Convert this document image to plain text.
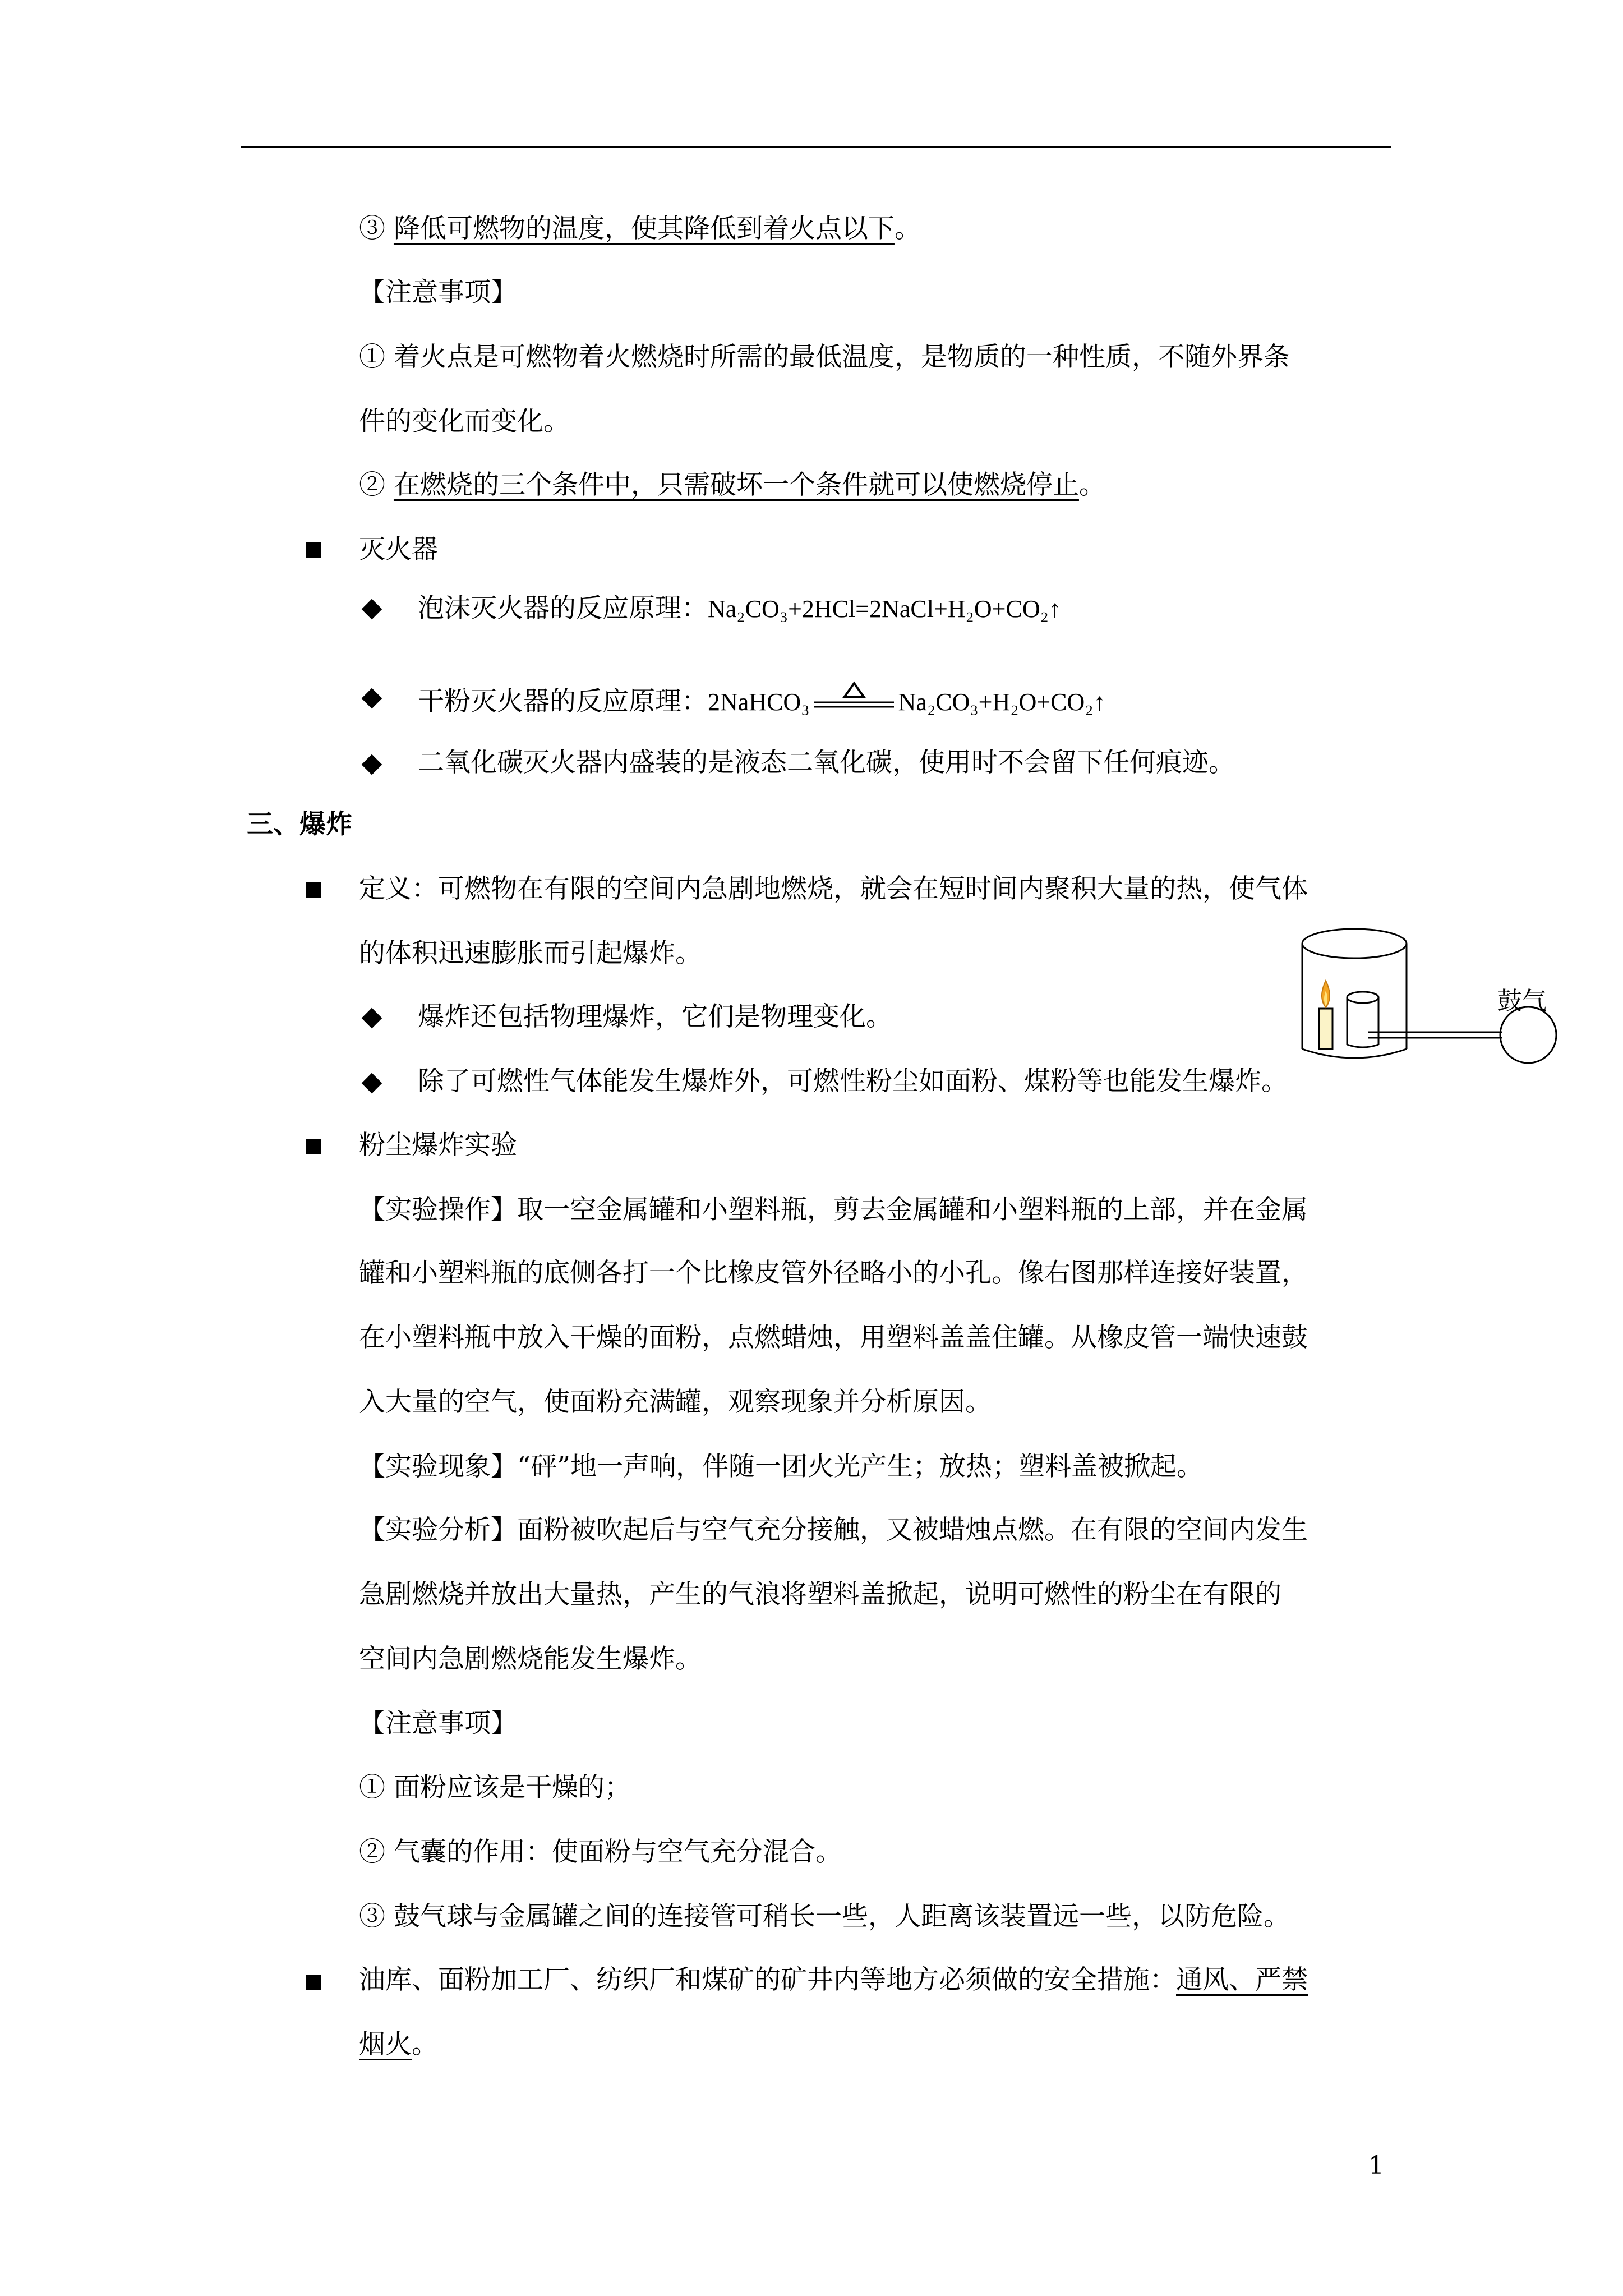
③ 降低可燃物的温度，使其降低到着火点以下。
【注意事项】
① 着火点是可燃物着火燃烧时所需的最低温度，是物质的一种性质，不随外界条
件的变化而变化。
② 在燃烧的三个条件中，只需破坏一个条件就可以使燃烧停止。
灭火器
泡沫灭火器的反应原理：Na₂CO₃+2HCl=2NaCl+H₂O+CO₂↑
干粉灭火器的反应原理：2NaHCO₃	Na₂CO₃+H₂O+CO₂↑
二氧化碳灭火器内盛装的是液态二氧化碳，使用时不会留下任何痕迹。
三、爆炸
定义：可燃物在有限的空间内急剧地燃烧，就会在短时间内聚积大量的热，使气体
的体积迅速膨胀而引起爆炸。
爆炸还包括物理爆炸，它们是物理变化。
除了可燃性气体能发生爆炸外，可燃性粉尘如面粉、煤粉等也能发生爆炸。
粉尘爆炸实验
【实验操作】取一空金属罐和小塑料瓶，剪去金属罐和小塑料瓶的上部，并在金属
罐和小塑料瓶的底侧各打一个比橡皮管外径略小的小孔。像右图那样连接好装置，
在小塑料瓶中放入干燥的面粉，点燃蜡烛，用塑料盖盖住罐。从橡皮管一端快速鼓
入大量的空气，使面粉充满罐，观察现象并分析原因。
【实验现象】“砰”地一声响，伴随一团火光产生；放热；塑料盖被掀起。
【实验分析】面粉被吹起后与空气充分接触，又被蜡烛点燃。在有限的空间内发生
急剧燃烧并放出大量热，产生的气浪将塑料盖掀起，说明可燃性的粉尘在有限的
空间内急剧燃烧能发生爆炸。
【注意事项】
① 面粉应该是干燥的；
② 气囊的作用：使面粉与空气充分混合。
③ 鼓气球与金属罐之间的连接管可稍长一些，人距离该装置远一些，以防危险。
油库、面粉加工厂、纺织厂和煤矿的矿井内等地方必须做的安全措施：通风、严禁
烟火。
鼓气
1
